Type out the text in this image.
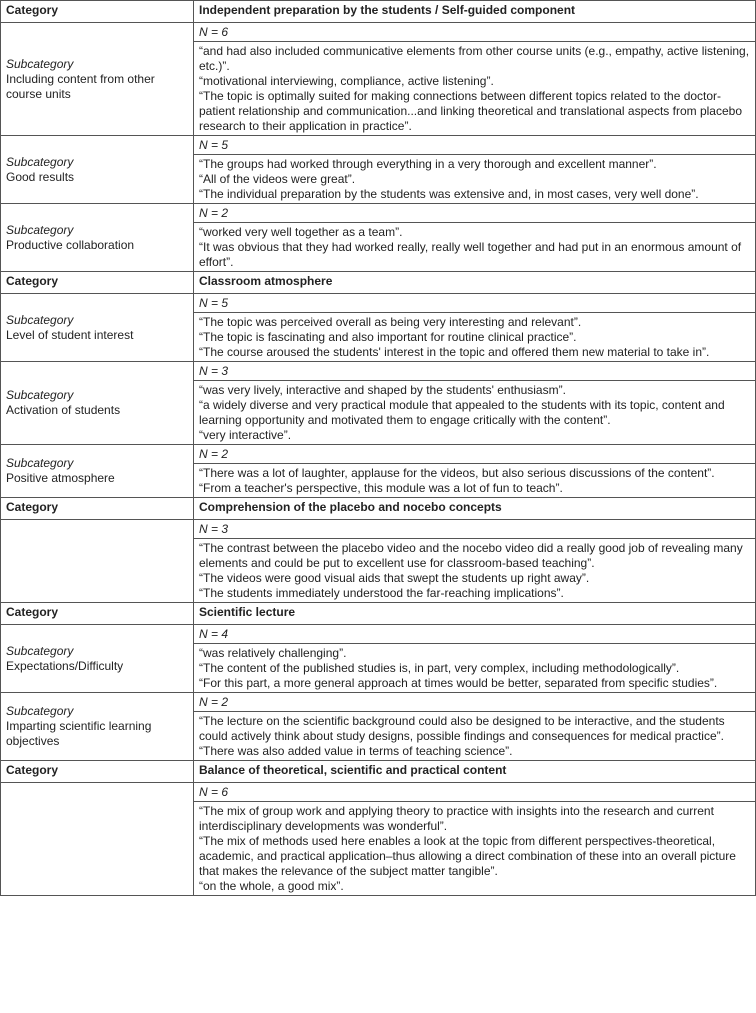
Category	Independent preparation by the students / Self-guided component

Subcategory
Including content from other course units	N = 6

	“and had also included communicative elements from other course units (e.g., empathy, active listening, etc.)”.
“motivational interviewing, compliance, active listening”.
“The topic is optimally suited for making connections between different topics related to the doctor-patient relationship and communication...and linking theoretical and translational aspects from placebo research to their application in practice”.

Subcategory
Good results	N = 5

	“The groups had worked through everything in a very thorough and excellent manner”.
“All of the videos were great”.
“The individual preparation by the students was extensive and, in most cases, very well done”.

Subcategory
Productive collaboration	N = 2

	“worked very well together as a team”.
“It was obvious that they had worked really, really well together and had put in an enormous amount of effort”.

Category	Classroom atmosphere

Subcategory
Level of student interest	N = 5

	“The topic was perceived overall as being very interesting and relevant”.
“The topic is fascinating and also important for routine clinical practice”.
“The course aroused the students' interest in the topic and offered them new material to take in”.

Subcategory
Activation of students	N = 3

	“was very lively, interactive and shaped by the students' enthusiasm”.
“a widely diverse and very practical module that appealed to the students with its topic, content and learning opportunity and motivated them to engage critically with the content”.
“very interactive”.

Subcategory
Positive atmosphere	N = 2

	“There was a lot of laughter, applause for the videos, but also serious discussions of the content”.
“From a teacher's perspective, this module was a lot of fun to teach”.

Category	Comprehension of the placebo and nocebo concepts
	N = 3

	“The contrast between the placebo video and the nocebo video did a really good job of revealing many elements and could be put to excellent use for classroom-based teaching”.
“The videos were good visual aids that swept the students up right away”.
“The students immediately understood the far-reaching implications”.

Category	Scientific lecture

Subcategory
Expectations/Difficulty	N = 4

	“was relatively challenging”.
“The content of the published studies is, in part, very complex, including methodologically”.
“For this part, a more general approach at times would be better, separated from specific studies”.

Subcategory
Imparting scientific learning objectives	N = 2

	“The lecture on the scientific background could also be designed to be interactive, and the students could actively think about study designs, possible findings and consequences for medical practice”.
“There was also added value in terms of teaching science”.

Category	Balance of theoretical, scientific and practical content
	N = 6

	“The mix of group work and applying theory to practice with insights into the research and current interdisciplinary developments was wonderful”.
“The mix of methods used here enables a look at the topic from different perspectives-theoretical, academic, and practical application–thus allowing a direct combination of these into an overall picture that makes the relevance of the subject matter tangible”.
“on the whole, a good mix”.
